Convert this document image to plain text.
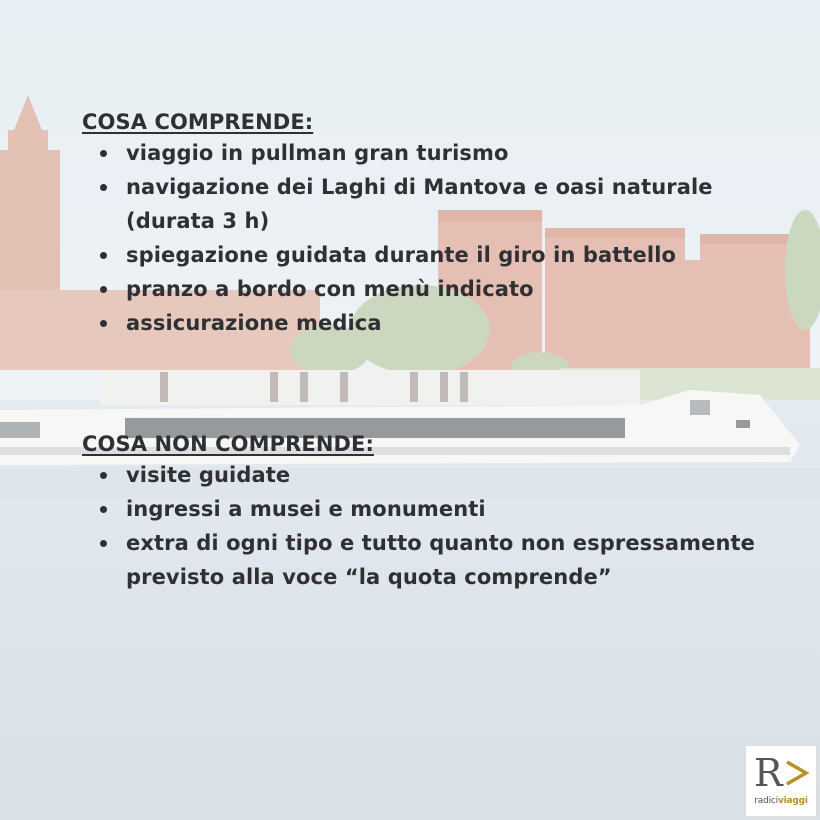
COSA COMPRENDE:
viaggio in pullman gran turismo
navigazione dei Laghi di Mantova e oasi naturale (durata 3 h)
spiegazione guidata durante il giro in battello
pranzo a bordo con menù indicato
assicurazione medica
COSA NON COMPRENDE:
visite guidate
ingressi a musei e monumenti
extra di ogni tipo e tutto quanto non espressamente previsto alla voce “la quota comprende”
R
radiciviaggi
